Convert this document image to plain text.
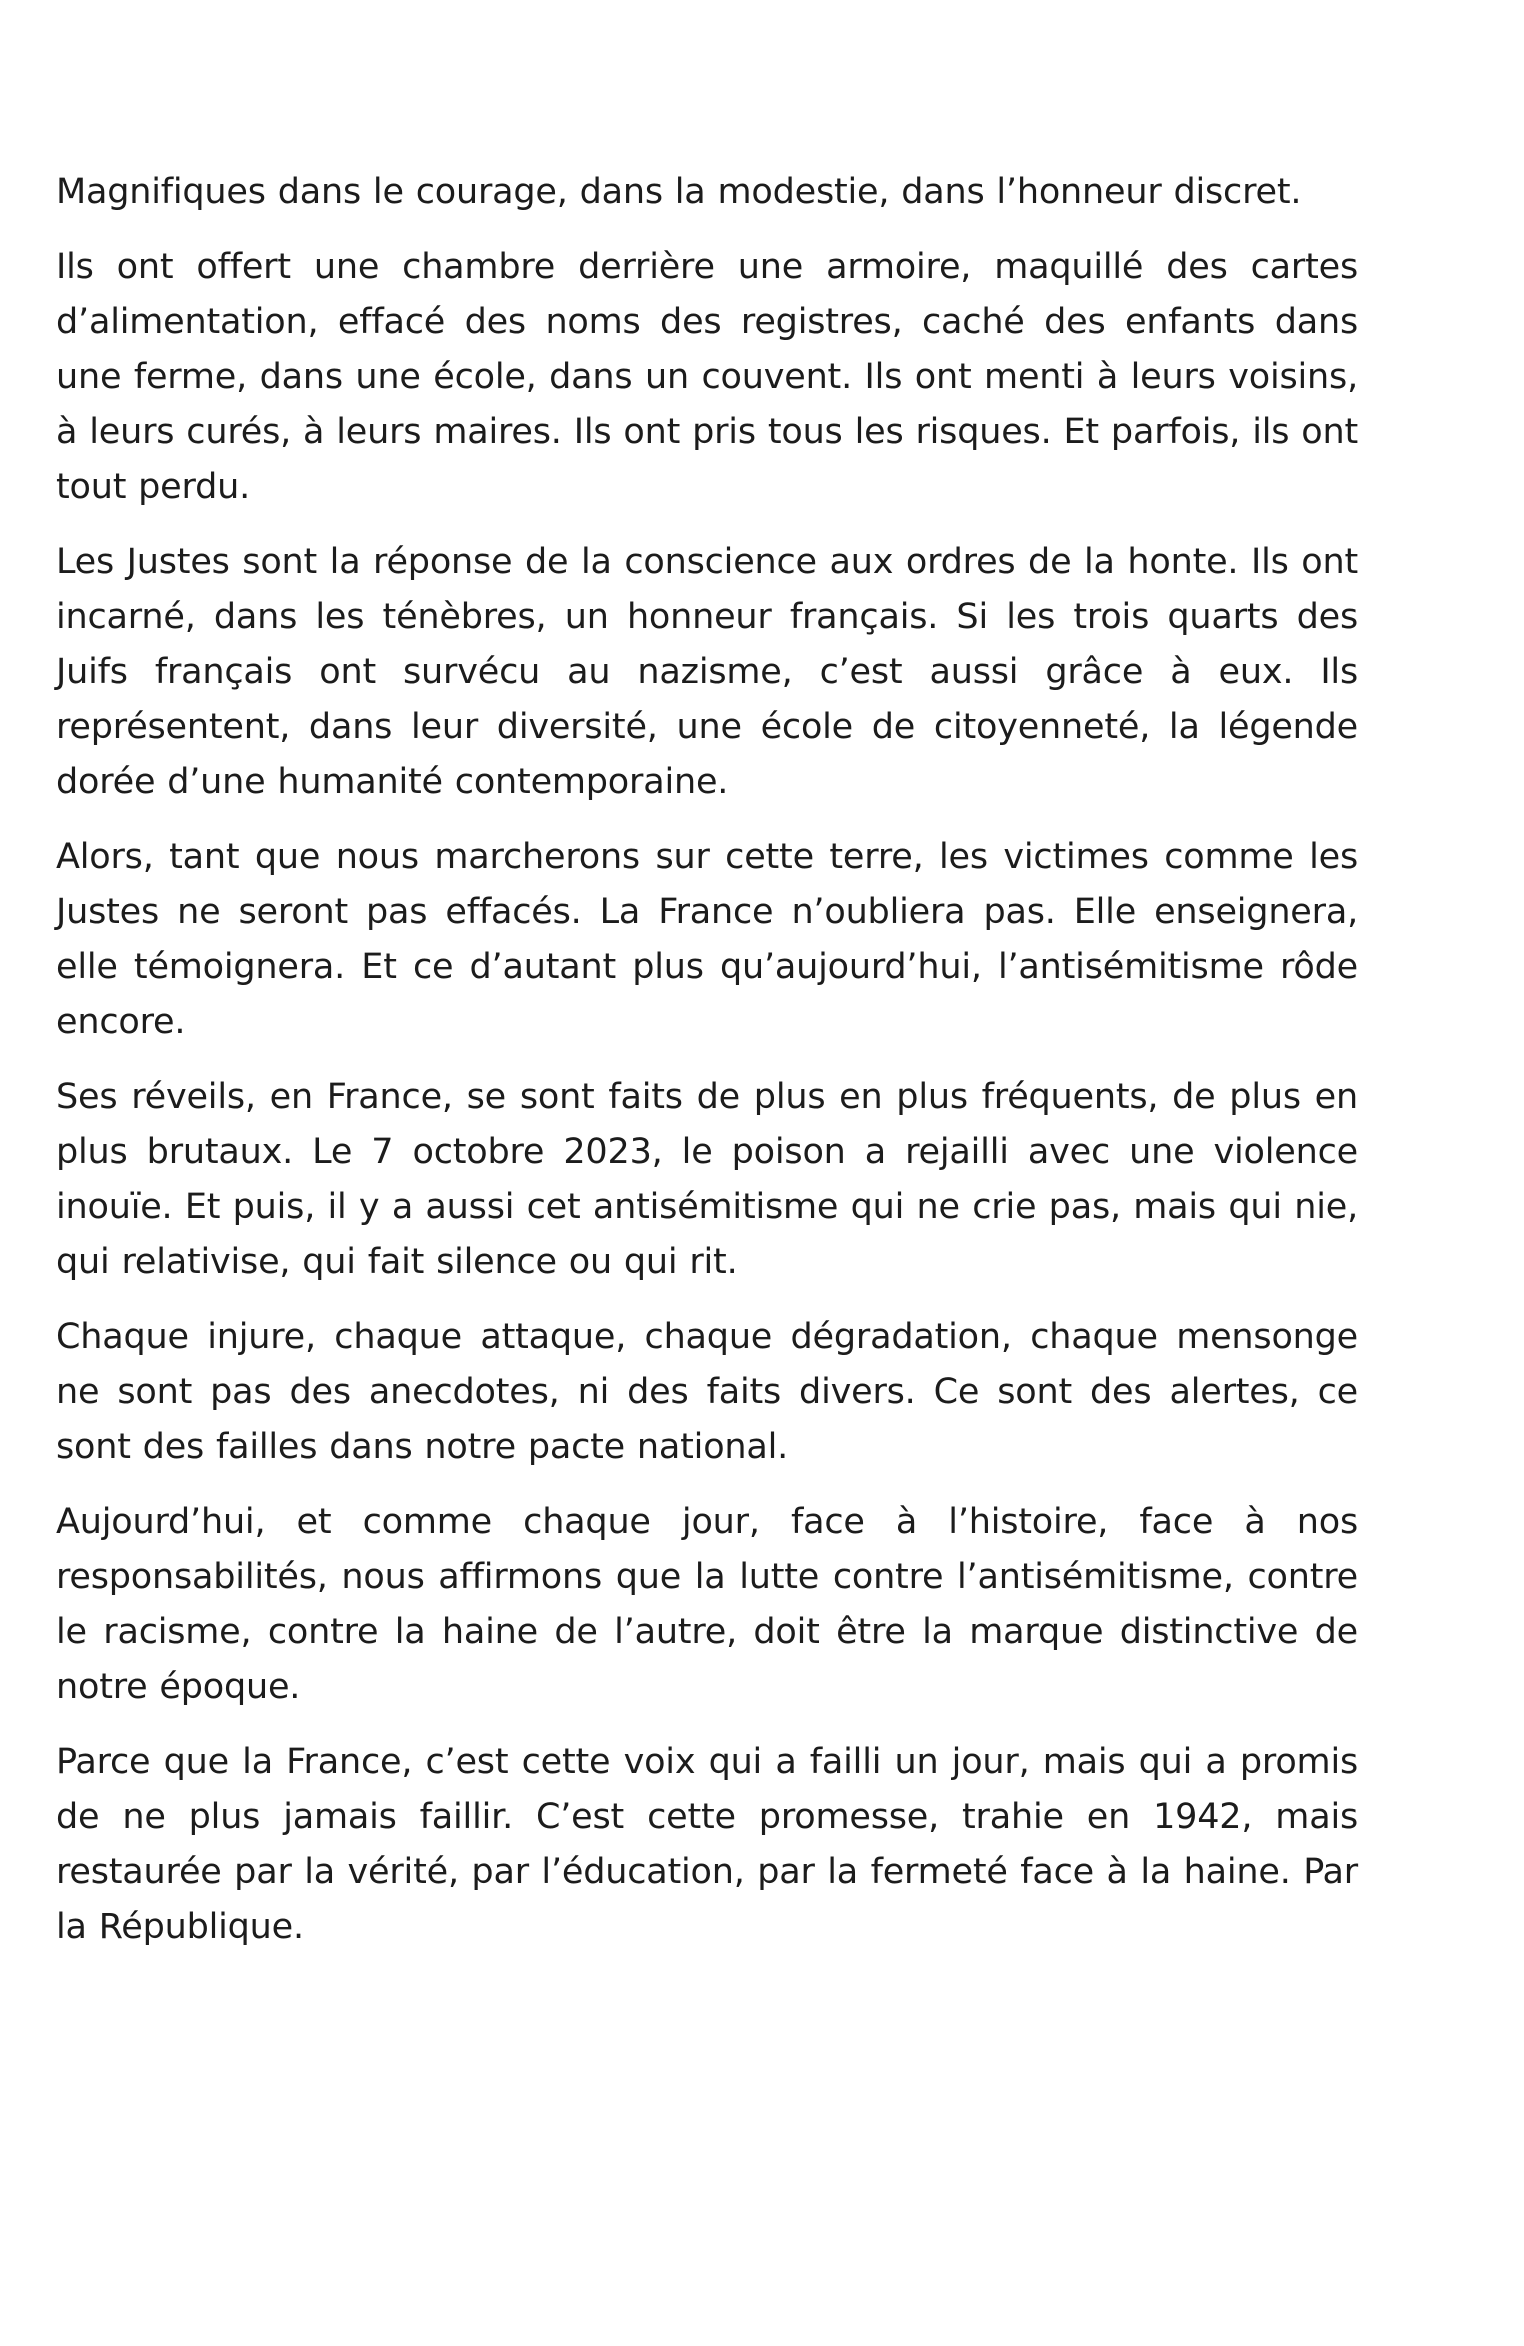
Magnifiques dans le courage, dans la modestie, dans l’honneur discret.

Ils ont offert une chambre derrière une armoire, maquillé des cartes d’alimentation, effacé des noms des registres, caché des enfants dans une ferme, dans une école, dans un couvent. Ils ont menti à leurs voisins, à leurs curés, à leurs maires. Ils ont pris tous les risques. Et parfois, ils ont tout perdu.

Les Justes sont la réponse de la conscience aux ordres de la honte. Ils ont incarné, dans les ténèbres, un honneur français. Si les trois quarts des Juifs français ont survécu au nazisme, c’est aussi grâce à eux. Ils représentent, dans leur diversité, une école de citoyenneté, la légende dorée d’une humanité contemporaine.

Alors, tant que nous marcherons sur cette terre, les victimes comme les Justes ne seront pas effacés. La France n’oubliera pas. Elle enseignera, elle témoignera. Et ce d’autant plus qu’aujourd’hui, l’antisémitisme rôde encore.

Ses réveils, en France, se sont faits de plus en plus fréquents, de plus en plus brutaux. Le 7 octobre 2023, le poison a rejailli avec une violence inouïe. Et puis, il y a aussi cet antisémitisme qui ne crie pas, mais qui nie, qui relativise, qui fait silence ou qui rit.

Chaque injure, chaque attaque, chaque dégradation, chaque mensonge ne sont pas des anecdotes, ni des faits divers. Ce sont des alertes, ce sont des failles dans notre pacte national.

Aujourd’hui, et comme chaque jour, face à l’histoire, face à nos responsabilités, nous affirmons que la lutte contre l’antisémitisme, contre le racisme, contre la haine de l’autre, doit être la marque distinctive de notre époque.

Parce que la France, c’est cette voix qui a failli un jour, mais qui a promis de ne plus jamais faillir. C’est cette promesse, trahie en 1942, mais restaurée par la vérité, par l’éducation, par la fermeté face à la haine. Par la République.
